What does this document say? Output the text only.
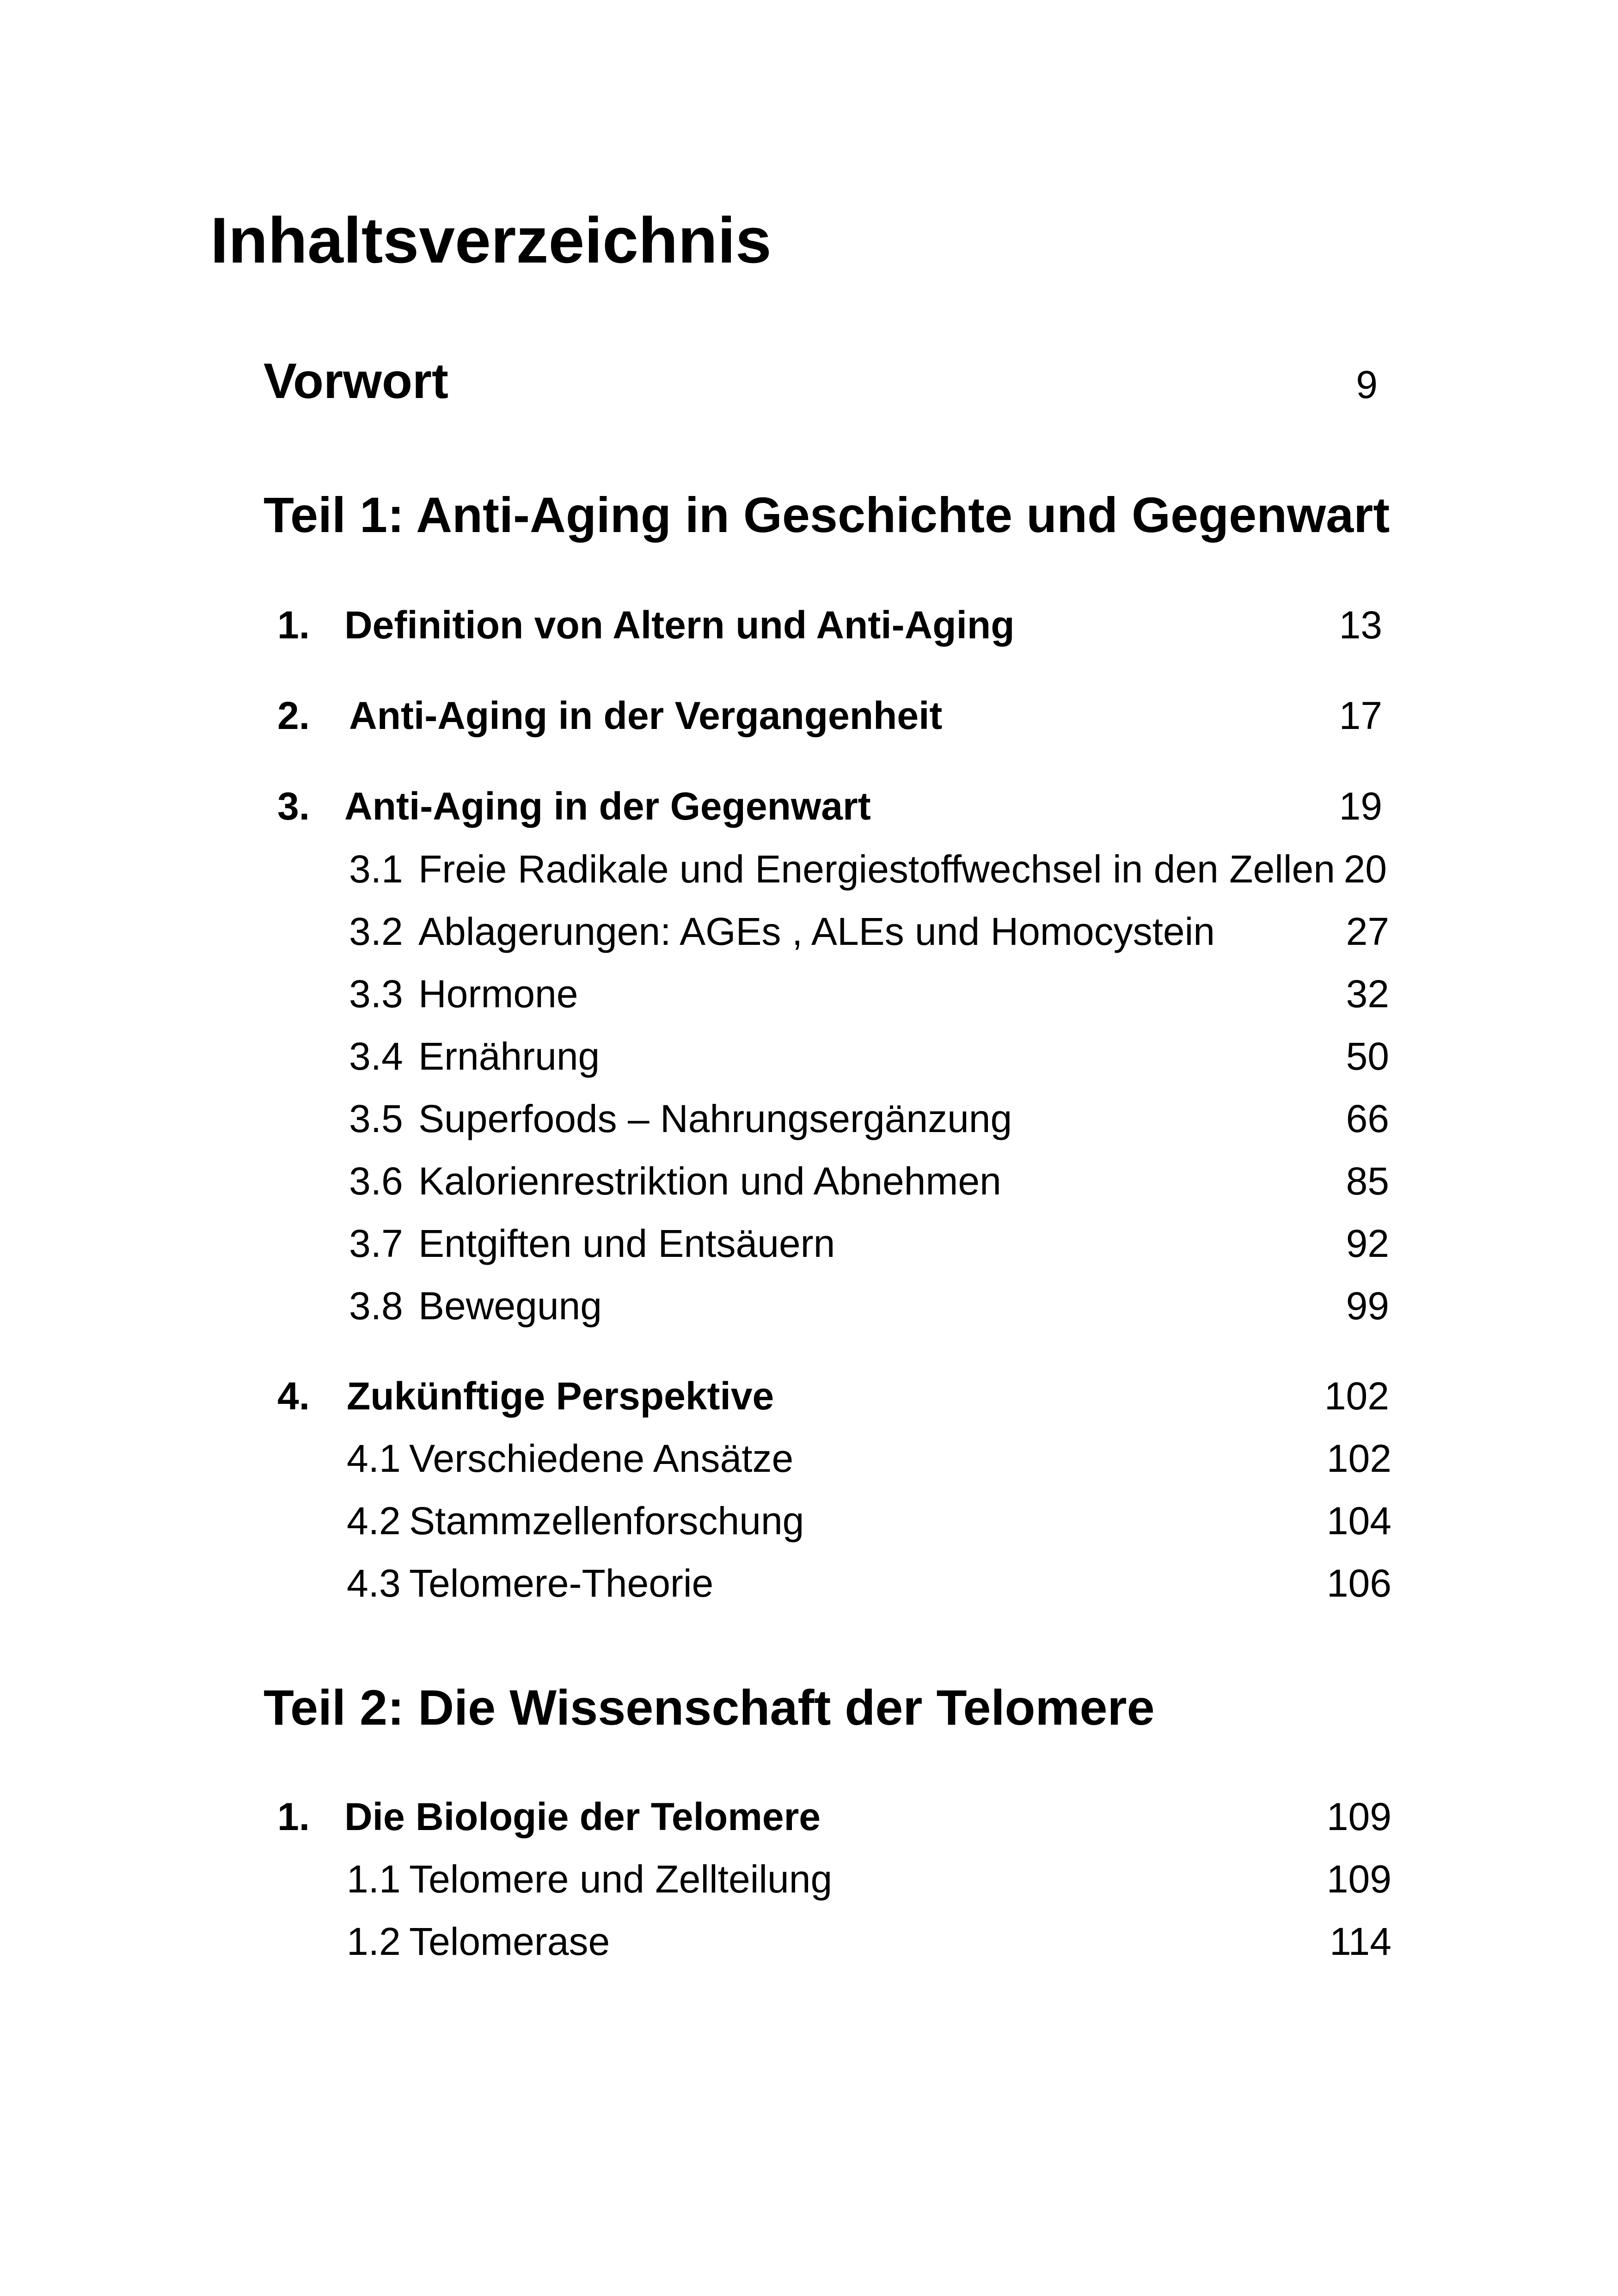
Inhaltsverzeichnis
Vorwort	9
Teil 1: Anti-Aging in Geschichte und Gegenwart
1. Definition von Altern und Anti-Aging	13
2. Anti-Aging in der Vergangenheit	17
3. Anti-Aging in der Gegenwart	19
3.1 Freie Radikale und Energiestoffwechsel in den Zellen 20
3.2 Ablagerungen: AGEs , ALEs und Homocystein	27
3.3 Hormone	32
3.4 Ernährung	50
3.5 Superfoods – Nahrungsergänzung	66
3.6 Kalorienrestriktion und Abnehmen	85
3.7 Entgiften und Entsäuern	92
3.8 Bewegung	99
4. Zukünftige Perspektive	102
4.1 Verschiedene Ansätze	102
4.2 Stammzellenforschung	104
4.3 Telomere-Theorie	106
Teil 2: Die Wissenschaft der Telomere
1. Die Biologie der Telomere	109
1.1 Telomere und Zellteilung	109
1.2 Telomerase	114
